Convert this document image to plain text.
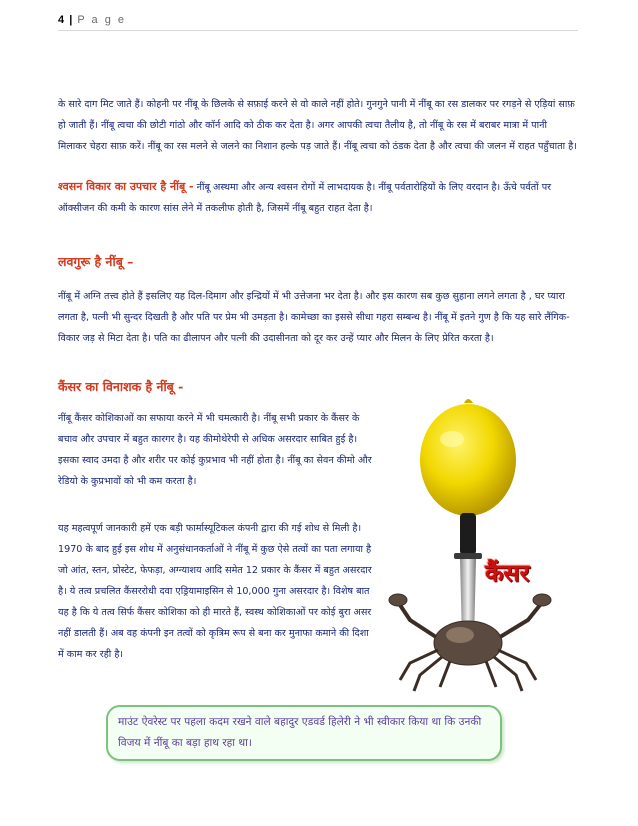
4 | P a g e

के सारे दाग मिट जाते हैं। कोहनी पर नींबू के छिलके से सफ़ाई करने से वो काले नहीं होते। गुनगुने पानी में नींबू का रस डालकर पर रगड़ने से एड़ियां साफ़ हो जाती हैं। नींबू त्वचा की छोटी गांठो और कॉर्न आदि को ठीक कर देता है। अगर आपकी त्वचा तैलीय है, तो नींबू के रस में बराबर मात्रा में पानी मिलाकर चेहरा साफ़ करें। नींबू का रस मलने से जलने का निशान हल्के पड़ जाते हैं। नींबू त्वचा को ठंडक देता है और त्वचा की जलन में राहत पहुँचाता है।

श्वसन विकार का उपचार है नींबू - नींबू अस्थमा और अन्य श्वसन रोगों में लाभदायक है। नींबू पर्वतारोहियों के लिए वरदान है। ऊँचे पर्वतों पर ऑक्सीजन की कमी के कारण सांस लेने में तकलीफ होती है, जिसमें नींबू बहुत राहत देता है।

लवगुरू है नींबू –

नींबू में अग्नि तत्त्व होते हैं इसलिए यह दिल-दिमाग और इन्द्रियों में भी उत्तेजना भर देता है। और इस कारण सब कुछ सुहाना लगने लगता है , घर प्यारा लगता है, पत्नी भी सुन्दर दिखती है और पति पर प्रेम भी उमड़ता है। कामेच्छा का इससे सीधा गहरा सम्बन्ध है। नींबू में इतने गुण है कि यह सारे लैंगिक-विकार जड़ से मिटा देता है। पति का ढीलापन और पत्नी की उदासीनता को दूर कर उन्हें प्यार और मिलन के लिए प्रेरित करता है।

कैंसर का विनाशक है नींबू -

नींबू कैंसर कोशिकाओं का सफाया करने में भी चमत्कारी है। नींबू सभी प्रकार के कैंसर के बचाव और उपचार में बहुत कारगर है। यह कीमोथेरेपी से अधिक असरदार साबित हुई है। इसका स्वाद उमदा है और शरीर पर कोई कुप्रभाव भी नहीं होता है। नींबू का सेवन कीमो और रेडियो के कुप्रभावों को भी कम करता है।

यह महत्वपूर्ण जानकारी हमें एक बड़ी फार्मास्यूटिकल कंपनी द्वारा की गई शोध से मिली है। 1970 के बाद हुई इस शोध में अनुसंधानकर्ताओं ने नींबू में कुछ ऐसे तत्वों का पता लगाया है जो आंत, स्तन, प्रोस्टेट, फेफड़ा, अग्न्याशय आदि समेत 12 प्रकार के कैंसर में बहुत असरदार है। ये तत्व प्रचलित कैंसररोधी दवा एड्रियामाइसिन से 10,000 गुना असरदार है। विशेष बात यह है कि ये तत्व सिर्फ कैंसर कोशिका को ही मारते हैं, स्वस्थ कोशिकाओं पर कोई बुरा असर नहीं डालती हैं। अब वह कंपनी इन तत्वों को कृत्रिम रूप से बना कर मुनाफा कमाने की दिशा में काम कर रही है।

कैंसर

माउंट ऐवरेस्ट पर पहला कदम रखने वाले बहादुर एडवर्ड हिलेरी ने भी स्वीकार किया था कि उनकी विजय में नींबू का बड़ा हाथ रहा था।
